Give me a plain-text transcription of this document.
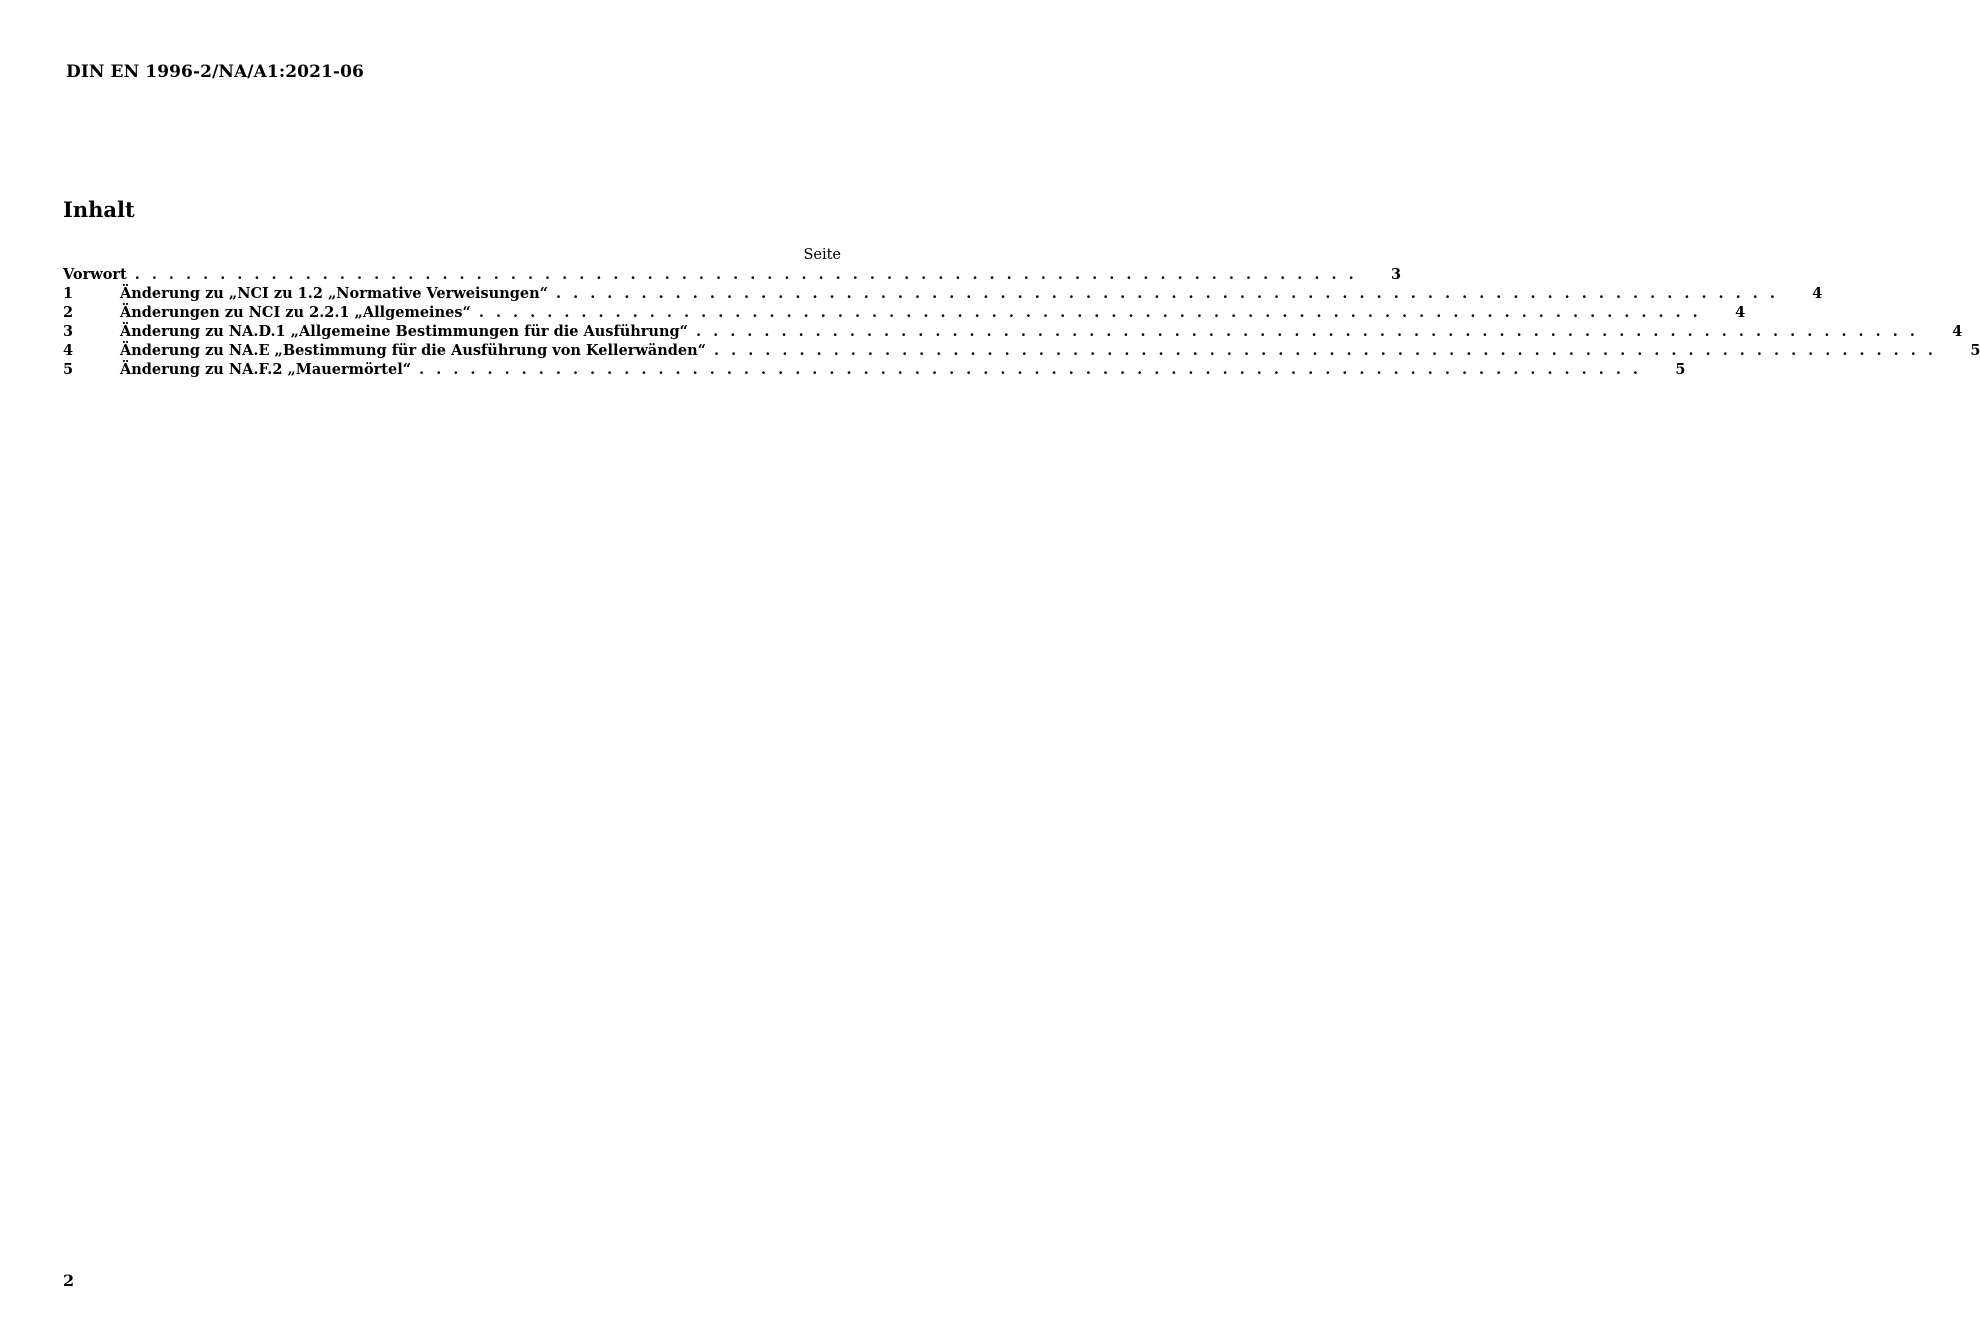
DIN EN 1996-2/NA/A1:2021-06
Inhalt
Seite
Vorwort . . . . . . . . . . . . . . . . . . . . . . . . . . . . . . . . . . . . . . . . . . . . . . . . . . . . . . . . . . . . . . . . . . . . . . . .	3
1	Änderung zu „NCI zu 1.2 „Normative Verweisungen“ . . . . . . . . . . . . . . . . . . . . . . . . . . . . . . . . . . . . . . . . . . . . . . . . . . . . . . . . . . . . . . . . . . . . . . . .	4
2	Änderungen zu NCI zu 2.2.1 „Allgemeines“ . . . . . . . . . . . . . . . . . . . . . . . . . . . . . . . . . . . . . . . . . . . . . . . . . . . . . . . . . . . . . . . . . . . . . . . .	4
3	Änderung zu NA.D.1 „Allgemeine Bestimmungen für die Ausführung“ . . . . . . . . . . . . . . . . . . . . . . . . . . . . . . . . . . . . . . . . . . . . . . . . . . . . . . . . . . . . . . . . . . . . . . . .	4
4	Änderung zu NA.E „Bestimmung für die Ausführung von Kellerwänden“ . . . . . . . . . . . . . . . . . . . . . . . . . . . . . . . . . . . . . . . . . . . . . . . . . . . . . . . . . . . . . . . . . . . . . . . .	5
5	Änderung zu NA.F.2 „Mauermörtel“ . . . . . . . . . . . . . . . . . . . . . . . . . . . . . . . . . . . . . . . . . . . . . . . . . . . . . . . . . . . . . . . . . . . . . . . .	5
2
